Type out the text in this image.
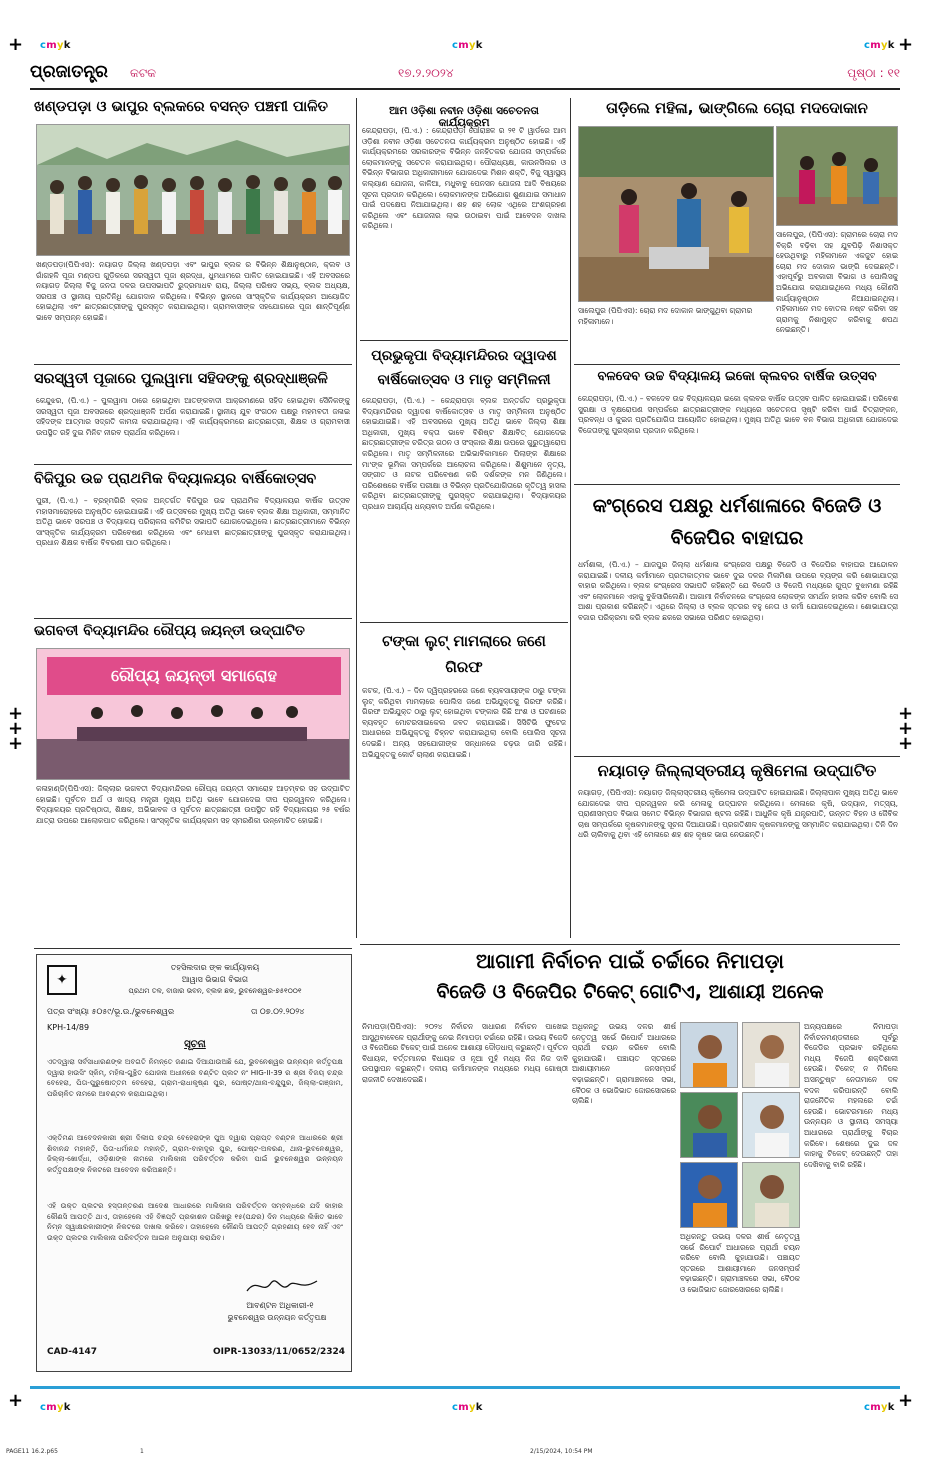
+	+
+	+
+
+
+
+
+
+
cmyk	cmyk	cmyk
cmyk	cmyk	cmyk
ପ୍ରଜାତନ୍ତ୍ର କଟକ	୧୭.୨.୨୦୨୪	ପୃଷ୍ଠା : ୧୧
ଖଣ୍ଡପଡ଼ା ଓ ଭାପୁର ବ୍ଲକରେ ବସନ୍ତ ପଞ୍ଚମୀ ପାଳିତ
ଖଣ୍ଡପଡ଼ା(ପିପିଏସ): ନୟାଗଡ଼ ଜିଲ୍ଲା ଖଣ୍ଡପଡ଼ା ଏବଂ ଭାପୁର ବ୍ଲକ ର ବିଭିନ୍ନ ଶିକ୍ଷାନୁଷ୍ଠାନ, କ୍ଲବ ଓ ଗାଁଗହଳି ପୂଜା ମଣ୍ଡପ ଗୁଡ଼ିକରେ ସରସ୍ୱତୀ ପୂଜା ଶ୍ରଦ୍ଧା, ଧୁମଧାମରେ ପାଳିତ ହୋଇଯାଇଛି। ଏହି ଅବସରରେ ନୟାଗଡ଼ ଜିଲ୍ଲା ବିଜୁ ଜନତା ଦଳର ଉପସଭାପତି ରୁଦ୍ରମାଧବ ରାୟ, ଜିଲ୍ଲା ପରିଷଦ ସଭ୍ୟ, ବ୍ଲକ ଅଧ୍ୟକ୍ଷ, ସରପଞ୍ଚ ଓ ସ୍ଥାନୀୟ ପ୍ରତିନିଧି ଯୋଗଦାନ କରିଥିଲେ। ବିଭିନ୍ନ ସ୍ଥାନରେ ସାଂସ୍କୃତିକ କାର୍ଯ୍ୟକ୍ରମ ଆୟୋଜିତ ହୋଇଥିଲା ଏବଂ ଛାତ୍ରଛାତ୍ରୀଙ୍କୁ ପୁରସ୍କୃତ କରାଯାଇଥିଲା। ଗ୍ରାମବାସୀଙ୍କ ସହଯୋଗରେ ପୂଜା ଶାନ୍ତିପୂର୍ଣ୍ଣ ଭାବେ ସମ୍ପନ୍ନ ହୋଇଛି।
ସରସ୍ୱତୀ ପୂଜାରେ ପୁଲୱାମା ସହିଦଙ୍କୁ ଶ୍ରଦ୍ଧାଞ୍ଜଳି
କେନ୍ଦୁଝର, (ପି.ଏ.) – ପୁଲୱାମା ଠାରେ ହୋଇଥିବା ଆତଙ୍କବାଦୀ ଆକ୍ରମଣରେ ସହିଦ ହୋଇଥିବା ସୈନିକଙ୍କୁ ସରସ୍ୱତୀ ପୂଜା ଅବସରରେ ଶ୍ରଦ୍ଧାଞ୍ଜଳି ଅର୍ପଣ କରାଯାଇଛି। ସ୍ଥାନୀୟ ଯୁବ ସଂଗଠନ ପକ୍ଷରୁ ମହମବତୀ ଜଳାଇ ସହିଦଙ୍କ ଆତ୍ମାର ସଦ୍‌ଗତି କାମନା କରାଯାଇଥିଲା। ଏହି କାର୍ଯ୍ୟକ୍ରମରେ ଛାତ୍ରଛାତ୍ରୀ, ଶିକ୍ଷକ ଓ ଗ୍ରାମବାସୀ ଉପସ୍ଥିତ ରହି ଦୁଇ ମିନିଟ ନୀରବ ପ୍ରାର୍ଥନା କରିଥିଲେ।
ବିଜିପୁର ଉଚ୍ଚ ପ୍ରାଥମିକ ବିଦ୍ୟାଳୟର ବାର୍ଷିକୋତ୍ସବ
ପୁରୀ, (ପି.ଏ.) – ବ୍ରହ୍ମଗିରି ବ୍ଲକ ଅନ୍ତର୍ଗତ ବିଜିପୁର ଉଚ୍ଚ ପ୍ରାଥମିକ ବିଦ୍ୟାଳୟର ବାର୍ଷିକ ଉତ୍ସବ ମହାସମାରୋହରେ ଅନୁଷ୍ଠିତ ହୋଇଯାଇଛି। ଏହି ଉତ୍ସବରେ ମୁଖ୍ୟ ଅତିଥି ଭାବେ ବ୍ଲକ ଶିକ୍ଷା ଅଧିକାରୀ, ସମ୍ମାନିତ ଅତିଥି ଭାବେ ସରପଞ୍ଚ ଓ ବିଦ୍ୟାଳୟ ପରିଚାଳନା କମିଟିର ସଭାପତି ଯୋଗଦେଇଥିଲେ। ଛାତ୍ରଛାତ୍ରୀମାନେ ବିଭିନ୍ନ ସାଂସ୍କୃତିକ କାର୍ଯ୍ୟକ୍ରମ ପରିବେଷଣ କରିଥିଲେ ଏବଂ ମେଧାବୀ ଛାତ୍ରଛାତ୍ରୀଙ୍କୁ ପୁରସ୍କୃତ କରାଯାଇଥିଲା। ପ୍ରଧାନ ଶିକ୍ଷକ ବାର୍ଷିକ ବିବରଣୀ ପାଠ କରିଥିଲେ।
ଭଗବତୀ ବିଦ୍ୟାମନ୍ଦିର ରୌପ୍ୟ ଜୟନ୍ତୀ ଉଦ୍‌ଘାଟିତ
ରୌପ୍ୟ ଜୟନ୍ତୀ ସମାରୋହ
କଳାହାଣ୍ଡି(ପିପିଏସ): ଜିଲ୍ଲାର ଭଗବତୀ ବିଦ୍ୟାମନ୍ଦିରର ରୌପ୍ୟ ଜୟନ୍ତୀ ସମାରୋହ ଆଡ଼ମ୍ବର ସହ ଉଦ୍‌ଘାଟିତ ହୋଇଛି। ପୂର୍ବତନ ଅର୍ଥ ଓ ଖାଦ୍ୟ ମନ୍ତ୍ରୀ ମୁଖ୍ୟ ଅତିଥି ଭାବେ ଯୋଗଦେଇ ଦୀପ ପ୍ରଜ୍ୱଳନ କରିଥିଲେ। ବିଦ୍ୟାଳୟର ପ୍ରତିଷ୍ଠାତା, ଶିକ୍ଷକ, ଅଭିଭାବକ ଓ ପୂର୍ବତନ ଛାତ୍ରଛାତ୍ରୀ ଉପସ୍ଥିତ ରହି ବିଦ୍ୟାଳୟର ୨୫ ବର୍ଷର ଯାତ୍ରା ଉପରେ ଆଲୋକପାତ କରିଥିଲେ। ସାଂସ୍କୃତିକ କାର୍ଯ୍ୟକ୍ରମ ସହ ସ୍ମରଣିକା ଉନ୍ମୋଚିତ ହୋଇଛି।
✦
ତହସିଲଦାର ଙ୍କ କାର୍ଯ୍ୟାଳୟ
ଆୱାସ ଭିଭାଗ ବିଭାଗ
ପ୍ରଥମ ତଳ, ବାଜାର ଭବନ, ବ୍ଲକ ଛକ, ଭୁବନେଶ୍ୱର-୭୫୧୦୦୧
ପତ୍ର ସଂଖ୍ୟା ୫୦୫୯/ଭୂ.ଉ./ଭୁବନେଶ୍ୱର	ତା ୦୭.୦୨.୨୦୨୪
KPH-14/89
ସୂଚନା
ଏତଦ୍ୱାରା ସର୍ବସାଧାରଣଙ୍କ ଅବଗତି ନିମନ୍ତେ ଜଣାଇ ଦିଆଯାଉଅଛି ଯେ, ଭୁବନେଶ୍ୱର ଉନ୍ନୟନ କର୍ତ୍ତୃପକ୍ଷ ଦ୍ୱାରା ହାଉସିଂ ସ୍କିମ୍, ମହିଳା-ଗୁନ୍ଥିତ ଯୋଜନା ଅଧୀନରେ ବଣ୍ଟିତ ପ୍ଲଟ ନଂ HIG-II-39 ର ଶ୍ରୀ ବିଜୟ ଚନ୍ଦ୍ର ବେହେରା, ପିତା-ପୁରୁଷୋତ୍ତମ ବେହେରା, ଗ୍ରାମ-ରାଧାକୃଷ୍ଣ ପୁର, ପୋଷ୍ଟ/ଥାନା-ବନ୍ଦୁପୁର, ଜିଲ୍ଲା-ଗଞ୍ଜାମ, ପରିଚାଳିତ ନାମରେ ଆବଣ୍ଟନ କରାଯାଇଥିଲା।
ଏକ୍ତିମଣ ଆବେଦନକାରୀ ଶ୍ରୀ ଦିଲୀପ ଚନ୍ଦ୍ର ବେହେରାଙ୍କ ପୁଅ ଦ୍ୱାରା ପ୍ରାପ୍ତ ବଣ୍ଟନ ଆଧାରରେ ଶ୍ରୀ ଶିବାନନ୍ଦ ମହାନ୍ତି, ପିତା-ଧର୍ମାନନ୍ଦ ମହାନ୍ତି, ଗ୍ରାମ-ବାହାଦୂର ପୁର, ପୋଷ୍ଟ-ଅଳରଣ, ଥାନା-ଭୁବନେଶ୍ୱର, ଜିଲ୍ଲା-ଖୋର୍ଦ୍ଧା, ଓଡ଼ିଶାଙ୍କ ନାମରେ ମାଲିକାନା ପରିବର୍ତ୍ତନ କରିବା ପାଇଁ ଭୁବନେଶ୍ୱର ଉନ୍ନୟନ କର୍ତ୍ତୃପକ୍ଷଙ୍କ ନିକଟରେ ଆବେଦନ କରିଅଛନ୍ତି।
ଏହି ଉକ୍ତ ପ୍ଲଟର ହସ୍ତାନ୍ତରଣ ଆଦେଶ ଆଧାରରେ ମାଲିକାନା ପରିବର୍ତ୍ତନ ସମ୍ବନ୍ଧରେ ଯଦି କାହାର କୌଣସି ଆପତ୍ତି ଥାଏ, ତାହାହେଲେ ଏହି ବିଜ୍ଞପ୍ତି ପ୍ରକାଶନ ତାରିଖରୁ ୧୫(ପନ୍ଦର) ଦିନ ମଧ୍ୟରେ ଲିଖିତ ଭାବେ ନିମ୍ନ ସ୍ୱାକ୍ଷରକାରୀଙ୍କ ନିକଟରେ ଦାଖଲ କରିବେ। ତାହାହେଲେ କୌଣସି ଆପତ୍ତି ଗ୍ରହଣୀୟ ହେବ ନାହିଁ ଏବଂ ଉକ୍ତ ପ୍ଲଟର ମାଲିକାନା ପରିବର୍ତ୍ତନ ଆଇନ ଅନୁଯାୟୀ କରାଯିବ।
ଆବଣ୍ଟନ ଅଧିକାରୀ-୧
ଭୁବନେଶ୍ୱର ଉନ୍ନୟନ କର୍ତ୍ତୃପକ୍ଷ
CAD-4147	OIPR-13033/11/0652/2324
ଆମ ଓଡ଼ିଶା ନବୀନ ଓଡ଼ିଶା ସଚେତନତା କାର୍ଯ୍ୟକ୍ରମ
କେନ୍ଦ୍ରାପଡ଼ା, (ପି.ଏ.) : କେନ୍ଦ୍ରାପଡ଼ା ପୌରାଞ୍ଚଳ ର ୨୧ ଟି ୱାର୍ଡରେ ଆମ ଓଡ଼ିଶା ନବୀନ ଓଡ଼ିଶା ସଚେତନତା କାର୍ଯ୍ୟକ୍ରମ ଅନୁଷ୍ଠିତ ହୋଇଛି। ଏହି କାର୍ଯ୍ୟକ୍ରମରେ ସରକାରଙ୍କ ବିଭିନ୍ନ ଜନହିତକର ଯୋଜନା ସମ୍ପର୍କରେ ଲୋକମାନଙ୍କୁ ସଚେତନ କରାଯାଇଥିଲା। ପୌରାଧ୍ୟକ୍ଷ, କାଉନସିଲର ଓ ବିଭିନ୍ନ ବିଭାଗର ଅଧିକାରୀମାନେ ଯୋଗଦେଇ ମିଶନ ଶକ୍ତି, ବିଜୁ ସ୍ୱାସ୍ଥ୍ୟ କଲ୍ୟାଣ ଯୋଜନା, କାଳିଆ, ମଧୁବାବୁ ପେନସନ ଯୋଜନା ଆଦି ବିଷୟରେ ସୂଚନା ପ୍ରଦାନ କରିଥିଲେ। ଲୋକମାନଙ୍କ ଅଭିଯୋଗ ଶୁଣାଯାଇ ସମାଧାନ ପାଇଁ ପଦକ୍ଷେପ ନିଆଯାଇଥିଲା। ଶହ ଶହ ଲୋକ ଏଥିରେ ଅଂଶଗ୍ରହଣ କରିଥିଲେ ଏବଂ ଯୋଜନାର ଲାଭ ଉଠାଇବା ପାଇଁ ଆବେଦନ ଦାଖଲ କରିଥିଲେ।
ପ୍ରଭୁକୃପା ବିଦ୍ୟାମନ୍ଦିରର ଦ୍ୱାଦଶ ବାର୍ଷିକୋତ୍ସବ ଓ ମାତୃ ସମ୍ମିଳନୀ
କେନ୍ଦ୍ରାପଡ଼ା, (ପି.ଏ.) – କେନ୍ଦ୍ରାପଡ଼ା ବ୍ଲକ ଅନ୍ତର୍ଗତ ପ୍ରଭୁକୃପା ବିଦ୍ୟାମନ୍ଦିରର ଦ୍ୱାଦଶ ବାର୍ଷିକୋତ୍ସବ ଓ ମାତୃ ସମ୍ମିଳନୀ ଅନୁଷ୍ଠିତ ହୋଇଯାଇଛି। ଏହି ଅବସରରେ ମୁଖ୍ୟ ଅତିଥି ଭାବେ ଜିଲ୍ଲା ଶିକ୍ଷା ଅଧିକାରୀ, ମୁଖ୍ୟ ବକ୍ତା ଭାବେ ବିଶିଷ୍ଟ ଶିକ୍ଷାବିତ୍ ଯୋଗଦେଇ ଛାତ୍ରଛାତ୍ରୀଙ୍କ ଚରିତ୍ର ଗଠନ ଓ ସଂସ୍କାର ଶିକ୍ଷା ଉପରେ ଗୁରୁତ୍ୱାରୋପ କରିଥିଲେ। ମାତୃ ସମ୍ମିଳନୀରେ ଅଭିଭାବିକାମାନେ ପିଲାଙ୍କ ଶିକ୍ଷାରେ ମା'ଙ୍କ ଭୂମିକା ସମ୍ପର୍କରେ ଆଲୋଚନା କରିଥିଲେ। ଶିଶୁମାନେ ନୃତ୍ୟ, ସଙ୍ଗୀତ ଓ ନାଟକ ପରିବେଷଣ କରି ଦର୍ଶକଙ୍କ ମନ ଜିଣିଥିଲେ। ପରିଶେଷରେ ବାର୍ଷିକ ପରୀକ୍ଷା ଓ ବିଭିନ୍ନ ପ୍ରତିଯୋଗିତାରେ କୃତିତ୍ୱ ହାସଲ କରିଥିବା ଛାତ୍ରଛାତ୍ରୀଙ୍କୁ ପୁରସ୍କୃତ କରାଯାଇଥିଲା। ବିଦ୍ୟାଳୟର ପ୍ରଧାନ ଆଚାର୍ଯ୍ୟ ଧନ୍ୟବାଦ ଅର୍ପଣ କରିଥିଲେ।
ଟଙ୍କା ଲୁଟ୍ ମାମଲାରେ ଜଣେ ଗିରଫ
କଟକ, (ପି.ଏ.) – ଦିନ ଦ୍ୱିପ୍ରହରରେ ଜଣେ ବ୍ୟବସାୟୀଙ୍କ ଠାରୁ ଟଙ୍କା ଲୁଟ୍ କରିଥିବା ମାମଲାରେ ପୋଲିସ ଜଣେ ଅଭିଯୁକ୍ତକୁ ଗିରଫ କରିଛି। ଗିରଫ ଅଭିଯୁକ୍ତ ଠାରୁ ଲୁଟ୍ ହୋଇଥିବା ଟଙ୍କାର କିଛି ଅଂଶ ଓ ଘଟଣାରେ ବ୍ୟବହୃତ ମୋଟରସାଇକେଲ ଜବତ କରାଯାଇଛି। ସିସିଟିଭି ଫୁଟେଜ ଆଧାରରେ ଅଭିଯୁକ୍ତକୁ ଚିହ୍ନଟ କରାଯାଇଥିଲା ବୋଲି ପୋଲିସ ସୂଚନା ଦେଇଛି। ଅନ୍ୟ ସହଯୋଗୀଙ୍କ ସନ୍ଧାନରେ ଚଢ଼ଉ ଜାରି ରହିଛି। ଅଭିଯୁକ୍ତକୁ କୋର୍ଟ ଚାଲାଣ କରାଯାଇଛି।
ତାଡ଼ିଲେ ମହିଳା, ଭାଙ୍ଗିଲେ ଚୋରା ମଦଦୋକାନ
ସାଲେପୁର, (ପିପିଏସ): ଗ୍ରାମରେ ଚୋରା ମଦ ବିକ୍ରି ବଢ଼ିବା ସହ ଯୁବପିଢ଼ି ନିଶାସକ୍ତ ହେଉଥିବାରୁ ମହିଳାମାନେ ଏକଜୁଟ ହୋଇ ଚୋରା ମଦ ଦୋକାନ ଭାଙ୍ଗି ଦେଇଛନ୍ତି। ଏହାପୂର୍ବରୁ ଅବକାରୀ ବିଭାଗ ଓ ପୋଲିସକୁ ଅଭିଯୋଗ କରାଯାଇଥିଲେ ମଧ୍ୟ କୌଣସି କାର୍ଯ୍ୟାନୁଷ୍ଠାନ ନିଆଯାଇନଥିଲା। ମହିଳାମାନେ ମଦ ବୋତଲ ନଷ୍ଟ କରିବା ସହ ଗ୍ରାମକୁ ନିଶାମୁକ୍ତ କରିବାକୁ ଶପଥ ନେଇଛନ୍ତି।
ସାଲେପୁର (ପିପିଏସ): ଚୋରା ମଦ ଦୋକାନ ଭାଙ୍ଗୁଥିବା ଗ୍ରାମର ମହିଳାମାନେ।
ବଳଦେବ ଉଚ୍ଚ ବିଦ୍ୟାଳୟ ଇକୋ କ୍ଲବର ବାର୍ଷିକ ଉତ୍ସବ
କେନ୍ଦ୍ରାପଡ଼ା, (ପି.ଏ.) – ବଳଦେବ ଉଚ୍ଚ ବିଦ୍ୟାଳୟର ଇକୋ କ୍ଲବର ବାର୍ଷିକ ଉତ୍ସବ ପାଳିତ ହୋଇଯାଇଛି। ପରିବେଶ ସୁରକ୍ଷା ଓ ବୃକ୍ଷରୋପଣ ସମ୍ପର୍କରେ ଛାତ୍ରଛାତ୍ରୀଙ୍କ ମଧ୍ୟରେ ସଚେତନତା ସୃଷ୍ଟି କରିବା ପାଇଁ ଚିତ୍ରାଙ୍କନ, ପ୍ରବନ୍ଧ ଓ କୁଇଜ ପ୍ରତିଯୋଗିତା ଆୟୋଜିତ ହୋଇଥିଲା। ମୁଖ୍ୟ ଅତିଥି ଭାବେ ବନ ବିଭାଗ ଅଧିକାରୀ ଯୋଗଦେଇ ବିଜେତାଙ୍କୁ ପୁରସ୍କାର ପ୍ରଦାନ କରିଥିଲେ।
କଂଗ୍ରେସ ପକ୍ଷରୁ ଧର୍ମଶାଳାରେ ବିଜେଡି ଓ ବିଜେପିର ବାହାଘର
ଧର୍ମଶାଳା, (ପି.ଏ.) – ଯାଜପୁର ଜିଲ୍ଲା ଧର୍ମଶାଳା କଂଗ୍ରେସ ପକ୍ଷରୁ ବିଜେଡି ଓ ବିଜେପିର ବାହାଘର ଆନ୍ଦୋଳନ କରାଯାଇଛି। ଦଳୀୟ କର୍ମୀମାନେ ପ୍ରତୀକାତ୍ମକ ଭାବେ ଦୁଇ ଦଳର ମିଳାମିଶା ଉପରେ ବ୍ୟଙ୍ଗ କରି ଶୋଭାଯାତ୍ରା ବାହାର କରିଥିଲେ। ବ୍ଲକ କଂଗ୍ରେସ ସଭାପତି କହିଛନ୍ତି ଯେ ବିଜେଡି ଓ ବିଜେପି ମଧ୍ୟରେ ଗୁପ୍ତ ବୁଝାମଣା ରହିଛି ଏବଂ ଲୋକମାନେ ଏହାକୁ ବୁଝିସାରିଲେଣି। ଆଗାମୀ ନିର୍ବାଚନରେ କଂଗ୍ରେସ ଲୋକଙ୍କ ସମର୍ଥନ ହାସଲ କରିବ ବୋଲି ସେ ଆଶା ପ୍ରକାଶ କରିଛନ୍ତି। ଏଥିରେ ଜିଲ୍ଲା ଓ ବ୍ଲକ ସ୍ତରର ବହୁ ନେତା ଓ କର୍ମୀ ଯୋଗଦେଇଥିଲେ। ଶୋଭାଯାତ୍ରା ବଜାର ପରିକ୍ରମା କରି ବ୍ଲକ ଛକରେ ସଭାରେ ପରିଣତ ହୋଇଥିଲା।
ନୟାଗଡ଼ ଜିଲ୍ଲାସ୍ତରୀୟ କୃଷିମେଳା ଉଦ୍‌ଘାଟିତ
ନୟାଗଡ଼, (ପିପିଏସ): ନୟାଗଡ଼ ଜିଲ୍ଲାସ୍ତରୀୟ କୃଷିମେଳା ଉଦ୍‌ଘାଟିତ ହୋଇଯାଇଛି। ଜିଲ୍ଲାପାଳ ମୁଖ୍ୟ ଅତିଥି ଭାବେ ଯୋଗଦେଇ ଦୀପ ପ୍ରଜ୍ୱଳନ କରି ମେଳାକୁ ଉଦ୍‌ଘାଟନ କରିଥିଲେ। ମେଳାରେ କୃଷି, ଉଦ୍ୟାନ, ମତ୍ସ୍ୟ, ପ୍ରାଣୀସମ୍ପଦ ବିଭାଗ ସମେତ ବିଭିନ୍ନ ବିଭାଗର ଷ୍ଟଲ ରହିଛି। ଆଧୁନିକ କୃଷି ଯନ୍ତ୍ରପାତି, ଉନ୍ନତ ବିହନ ଓ ଜୈବିକ ଚାଷ ସମ୍ପର୍କରେ କୃଷକମାନଙ୍କୁ ସୂଚନା ଦିଆଯାଉଛି। ପ୍ରଗତିଶୀଳ କୃଷକମାନଙ୍କୁ ସମ୍ମାନିତ କରାଯାଇଥିଲା। ତିନି ଦିନ ଧରି ଚାଲିବାକୁ ଥିବା ଏହି ମେଳାରେ ଶହ ଶହ କୃଷକ ଭାଗ ନେଉଛନ୍ତି।
ଆଗାମୀ ନିର୍ବାଚନ ପାଇଁ ଚର୍ଚ୍ଚାରେ ନିମାପଡ଼ା
ବିଜେଡି ଓ ବିଜେପିର ଟିକେଟ୍ ଗୋଟିଏ, ଆଶାୟୀ ଅନେକ
ନିମାପଡ଼ା(ପିପିଏସ): ୨୦୨୪ ନିର୍ବାଚନ ସାଧାରଣ ନିର୍ବାଚନ ପାଖେଇ ଆସୁଥିବାବେଳେ ପ୍ରାର୍ଥୀଙ୍କୁ ନେଇ ନିମାପଡ଼ା ଚର୍ଚ୍ଚାରେ ରହିଛି। ଉଭୟ ବିଜେଡି ଓ ବିଜେପିରେ ଟିକେଟ୍ ପାଇଁ ଅନେକ ଆଶାୟୀ ଦୌଡ଼ଧାପ୍ କରୁଛନ୍ତି। ପୂର୍ବତନ ବିଧାୟକ, ବର୍ତ୍ତମାନର ବିଧାୟକ ଓ ନୂଆ ମୁହଁ ମଧ୍ୟ ନିଜ ନିଜ ଦାବି ଉପସ୍ଥାପନ କରୁଛନ୍ତି। ଦଳୀୟ କର୍ମୀମାନଙ୍କ ମଧ୍ୟରେ ମଧ୍ୟ ଗୋଷ୍ଠୀ ରାଜନୀତି ଦେଖାଦେଇଛି।
ଅଧିକନ୍ତୁ ଉଭୟ ଦଳର ଶୀର୍ଷ ନେତୃତ୍ୱ ସର୍ଭେ ରିପୋର୍ଟ ଆଧାରରେ ପ୍ରାର୍ଥୀ ଚୟନ କରିବେ ବୋଲି କୁହାଯାଉଛି। ପଞ୍ଚାୟତ ସ୍ତରରେ ଆଶାୟୀମାନେ ଜନସମ୍ପର୍କ ବଢ଼ାଇଛନ୍ତି। ଗ୍ରାମାଞ୍ଚଳରେ ସଭା, ବୈଠକ ଓ ଭୋଜିଭାତ ଜୋରସୋରରେ ଚାଲିଛି।
ଅନ୍ୟପକ୍ଷରେ ନିମାପଡ଼ା ନିର୍ବାଚନମଣ୍ଡଳୀରେ ପୂର୍ବରୁ ବିଜେଡିର ପ୍ରଭାବ ରହିଥିଲେ ମଧ୍ୟ ବିଜେପି ଶକ୍ତିଶାଳୀ ହେଉଛି। ଟିକେଟ୍ ନ ମିଳିଲେ ଅସନ୍ତୁଷ୍ଟ ନେତାମାନେ ଦଳ ବଦଳ କରିପାରନ୍ତି ବୋଲି ରାଜନୈତିକ ମହଲରେ ଚର୍ଚ୍ଚା ହେଉଛି। ଭୋଟରମାନେ ମଧ୍ୟ ଉନ୍ନୟନ ଓ ସ୍ଥାନୀୟ ସମସ୍ୟା ଆଧାରରେ ପ୍ରାର୍ଥୀଙ୍କୁ ବିଚାର କରିବେ। ଶେଷରେ ଦୁଇ ଦଳ କାହାକୁ ଟିକେଟ୍ ଦେଉଛନ୍ତି ତାହା ଦେଖିବାକୁ ବାକି ରହିଛି।
ଅଧିକନ୍ତୁ ଉଭୟ ଦଳର ଶୀର୍ଷ ନେତୃତ୍ୱ ସର୍ଭେ ରିପୋର୍ଟ ଆଧାରରେ ପ୍ରାର୍ଥୀ ଚୟନ କରିବେ ବୋଲି କୁହାଯାଉଛି। ପଞ୍ଚାୟତ ସ୍ତରରେ ଆଶାୟୀମାନେ ଜନସମ୍ପର୍କ ବଢ଼ାଇଛନ୍ତି। ଗ୍ରାମାଞ୍ଚଳରେ ସଭା, ବୈଠକ ଓ ଭୋଜିଭାତ ଜୋରସୋରରେ ଚାଲିଛି।
PAGE11 16.2.p65	1	2/15/2024, 10:54 PM
